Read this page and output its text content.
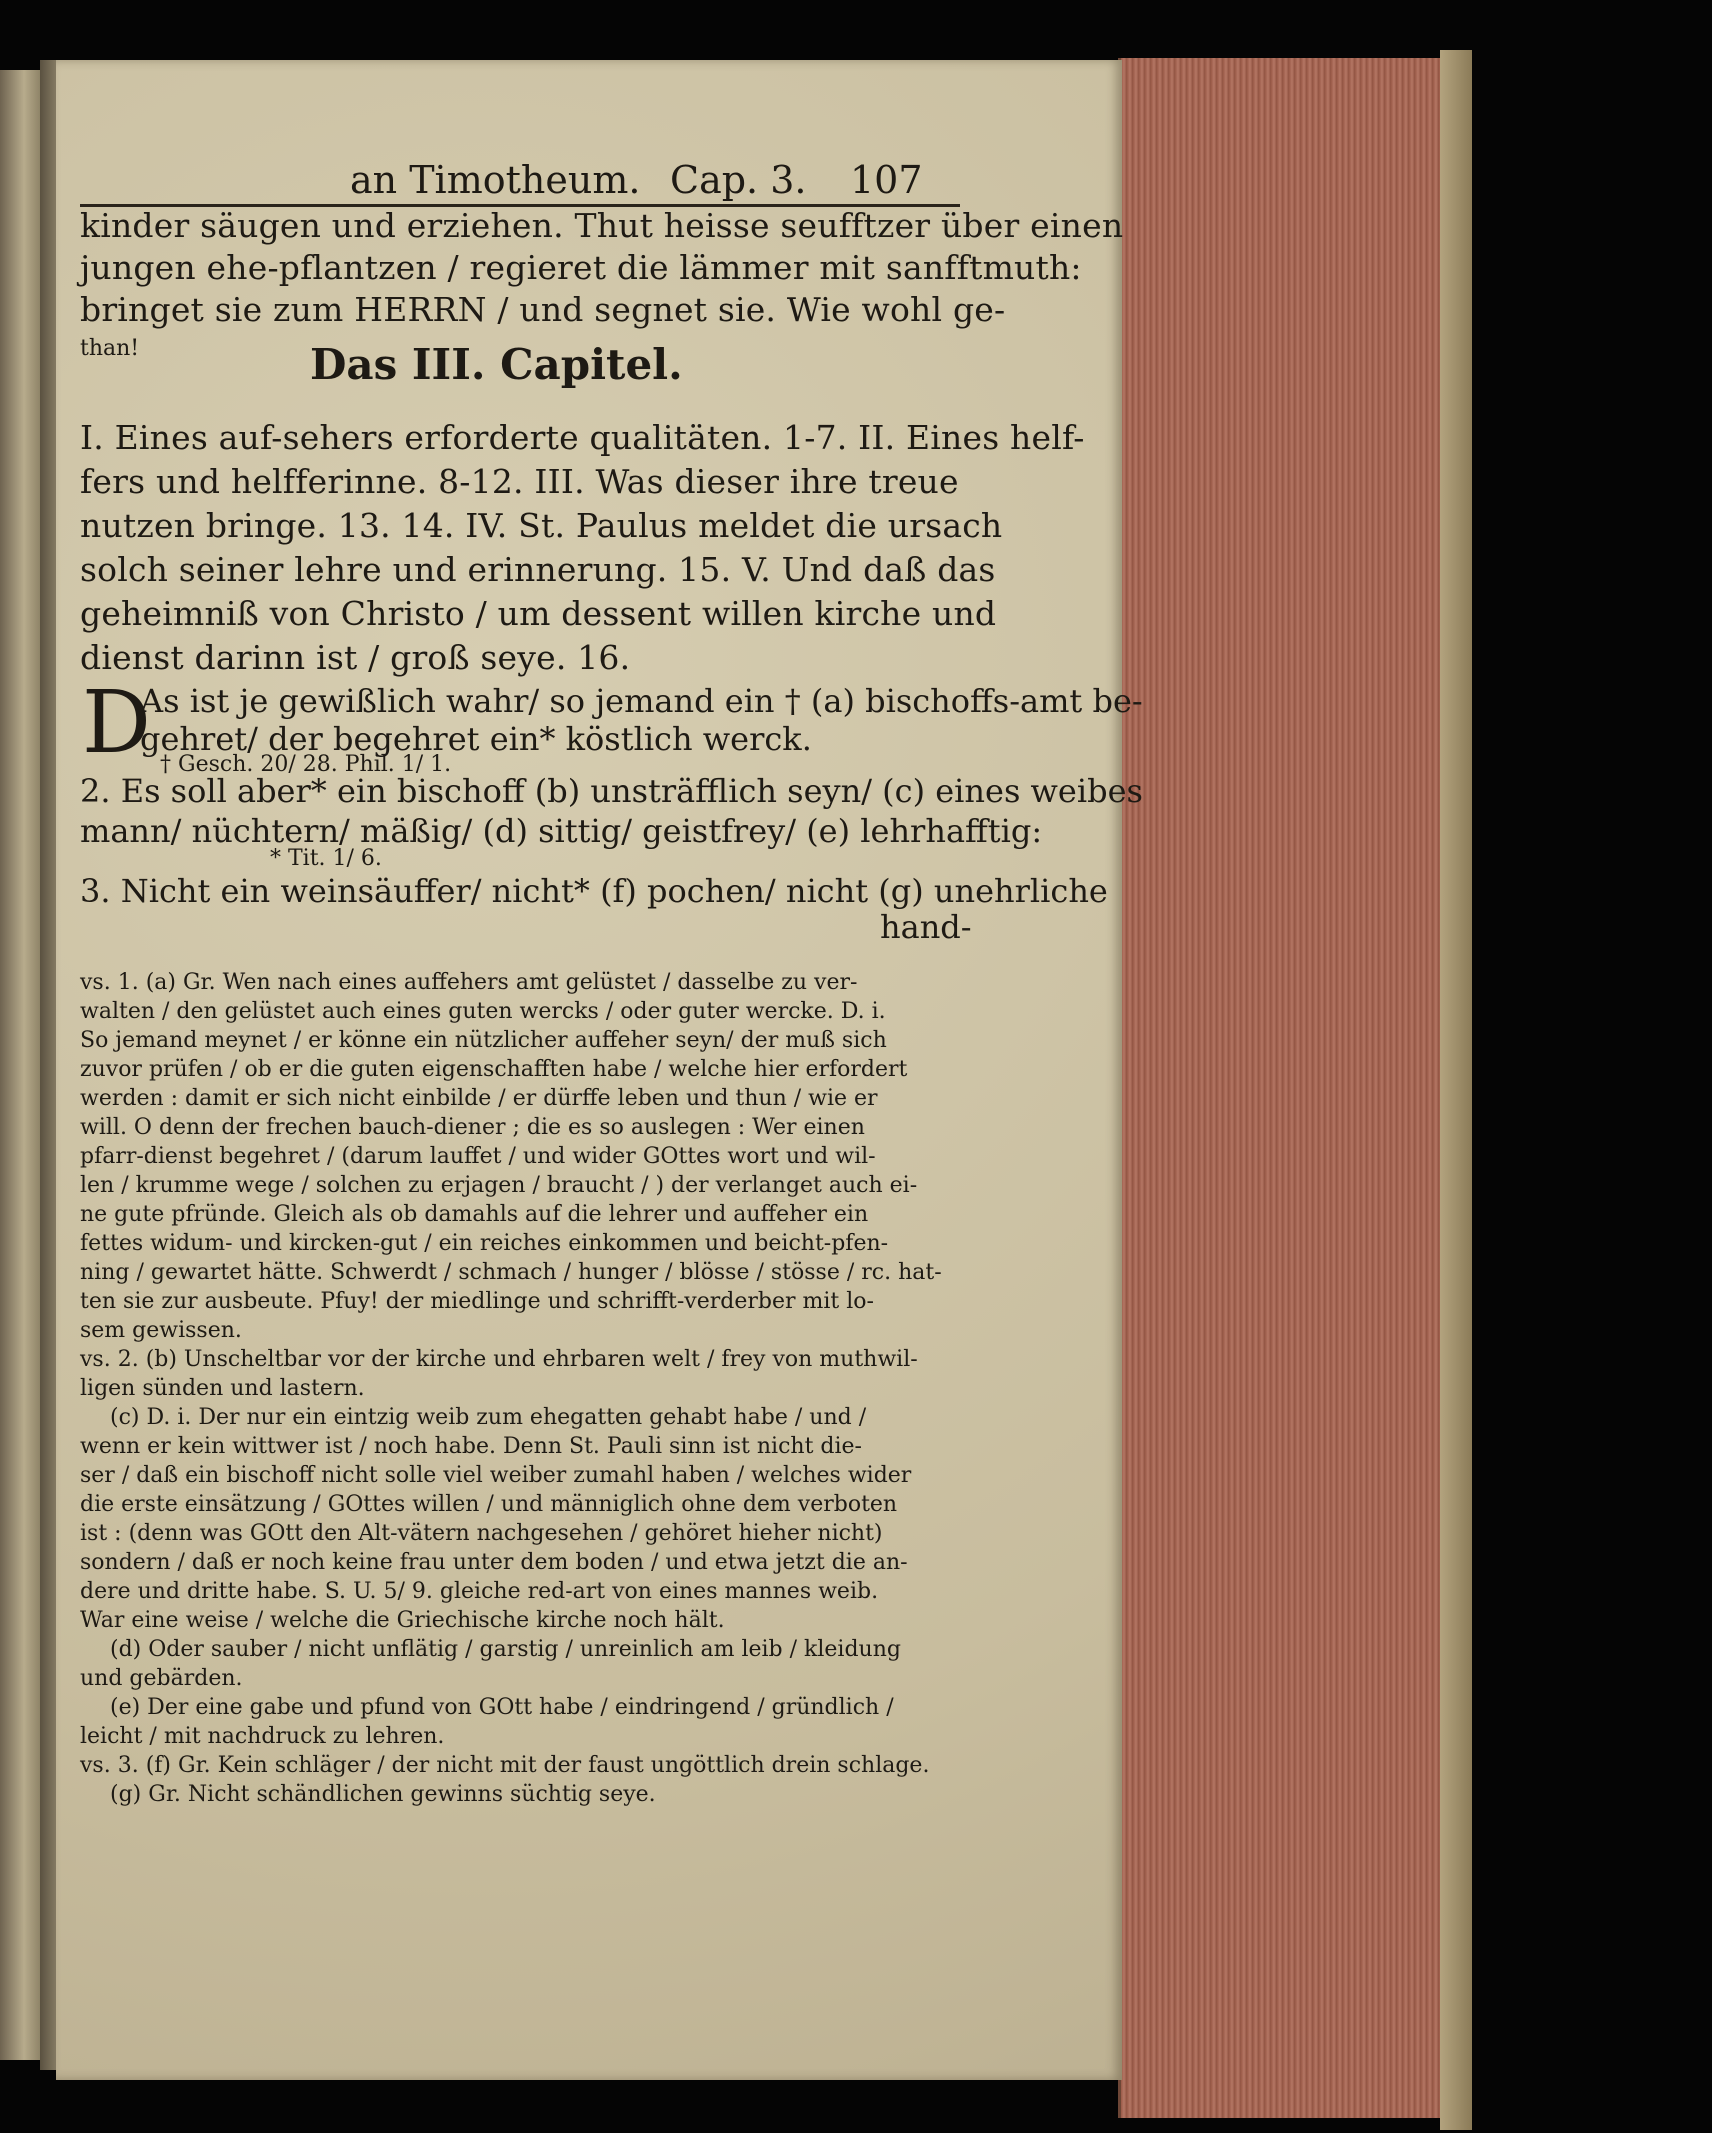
an Timotheum. Cap. 3. 107
kinder säugen und erziehen. Thut heisse seufftzer über einen
jungen ehe-pflantzen / regieret die lämmer mit sanfftmuth:
bringet sie zum HERRN / und segnet sie. Wie wohl ge-
than!	Das III. Capitel.
I. Eines auf-sehers erforderte qualitäten. 1-7. II. Eines helf-
fers und helfferinne. 8-12. III. Was dieser ihre treue
nutzen bringe. 13. 14. IV. St. Paulus meldet die ursach
solch seiner lehre und erinnerung. 15. V. Und daß das
geheimniß von Christo / um dessent willen kirche und
dienst darinn ist / groß seye. 16.
D
As ist je gewißlich wahr/ so jemand ein † (a) bischoffs-amt be-
gehret/ der begehret ein* köstlich werck.
† Gesch. 20/ 28. Phil. 1/ 1.
2. Es soll aber* ein bischoff (b) unsträfflich seyn/ (c) eines weibes
mann/ nüchtern/ mäßig/ (d) sittig/ geistfrey/ (e) lehrhafftig:
* Tit. 1/ 6.
3. Nicht ein weinsäuffer/ nicht* (f) pochen/ nicht (g) unehrliche
hand-
vs. 1. (a) Gr. Wen nach eines auffehers amt gelüstet / dasselbe zu ver-
walten / den gelüstet auch eines guten wercks / oder guter wercke. D. i.
So jemand meynet / er könne ein nützlicher auffeher seyn/ der muß sich
zuvor prüfen / ob er die guten eigenschafften habe / welche hier erfordert
werden : damit er sich nicht einbilde / er dürffe leben und thun / wie er
will. O denn der frechen bauch-diener ; die es so auslegen : Wer einen
pfarr-dienst begehret / (darum lauffet / und wider GOttes wort und wil-
len / krumme wege / solchen zu erjagen / braucht / ) der verlanget auch ei-
ne gute pfründe. Gleich als ob damahls auf die lehrer und auffeher ein
fettes widum- und kircken-gut / ein reiches einkommen und beicht-pfen-
ning / gewartet hätte. Schwerdt / schmach / hunger / blösse / stösse / rc. hat-
ten sie zur ausbeute. Pfuy! der miedlinge und schrifft-verderber mit lo-
sem gewissen.
vs. 2. (b) Unscheltbar vor der kirche und ehrbaren welt / frey von muthwil-
ligen sünden und lastern.
(c) D. i. Der nur ein eintzig weib zum ehegatten gehabt habe / und /
wenn er kein wittwer ist / noch habe. Denn St. Pauli sinn ist nicht die-
ser / daß ein bischoff nicht solle viel weiber zumahl haben / welches wider
die erste einsätzung / GOttes willen / und männiglich ohne dem verboten
ist : (denn was GOtt den Alt-vätern nachgesehen / gehöret hieher nicht)
sondern / daß er noch keine frau unter dem boden / und etwa jetzt die an-
dere und dritte habe. S. U. 5/ 9. gleiche red-art von eines mannes weib.
War eine weise / welche die Griechische kirche noch hält.
(d) Oder sauber / nicht unflätig / garstig / unreinlich am leib / kleidung
und gebärden.
(e) Der eine gabe und pfund von GOtt habe / eindringend / gründlich /
leicht / mit nachdruck zu lehren.
vs. 3. (f) Gr. Kein schläger / der nicht mit der faust ungöttlich drein schlage.
(g) Gr. Nicht schändlichen gewinns süchtig seye.
